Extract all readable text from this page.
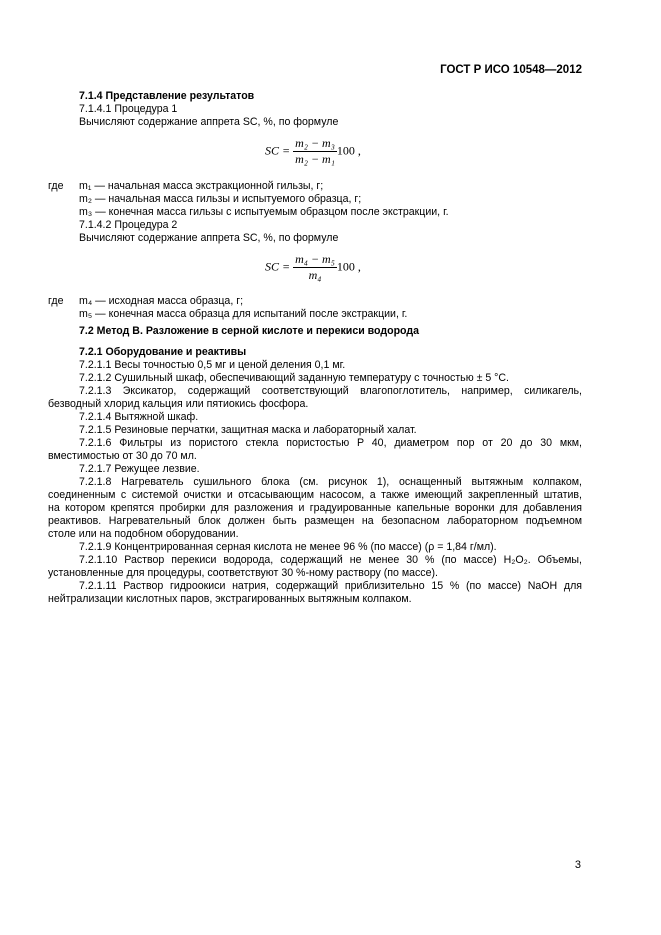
ГОСТ Р ИСО 10548—2012
7.1.4 Представление результатов
7.1.4.1 Процедура 1
Вычисляют содержание аппрета SC, %, по формуле
SC = $\frac{\text{m₂ − m₃}}{\text{m₂ − m₁}} 100$ ,
где m₁ — начальная масса экстракционной гильзы, г;
m₂ — начальная масса гильзы и испытуемого образца, г;
m₃ — конечная масса гильзы с испытуемым образцом после экстракции, г.
7.1.4.2 Процедура 2
Вычисляют содержание аппрета SC, %, по формуле
SC = $\frac{\text{m₄ − m₅}}{\text{m₄}} 100$ ,
где m₄ — исходная масса образца, г;
m₅ — конечная масса образца для испытаний после экстракции, г.
7.2 Метод В. Разложение в серной кислоте и перекиси водорода
7.2.1 Оборудование и реактивы
7.2.1.1 Весы точностью 0,5 мг и ценой деления 0,1 мг.
7.2.1.2 Сушильный шкаф, обеспечивающий заданную температуру с точностью ± 5 °С.
7.2.1.3 Эксикатор, содержащий соответствующий влагопоглотитель, например, силикагель,
безводный хлорид кальция или пятиокись фосфора.
7.2.1.4 Вытяжной шкаф.
7.2.1.5 Резиновые перчатки, защитная маска и лабораторный халат.
7.2.1.6 Фильтры из пористого стекла пористостью P 40, диаметром пор от 20 до 30 мкм,
вместимостью от 30 до 70 мл.
7.2.1.7 Режущее лезвие.
7.2.1.8 Нагреватель сушильного блока (см. рисунок 1), оснащенный вытяжным колпаком,
соединенным с системой очистки и отсасывающим насосом, а также имеющий закрепленный штатив,
на котором крепятся пробирки для разложения и градуированные капельные воронки для добавления
реактивов. Нагревательный блок должен быть размещен на безопасном лабораторном подъемном
столе или на подобном оборудовании.
7.2.1.9 Концентрированная серная кислота не менее 96 % (по массе) (ρ = 1,84 г/мл).
7.2.1.10 Раствор перекиси водорода, содержащий не менее 30 % (по массе) H₂O₂. Объемы,
установленные для процедуры, соответствуют 30 %-ному раствору (по массе).
7.2.1.11 Раствор гидроокиси натрия, содержащий приблизительно 15 % (по массе) NaOH для
нейтрализации кислотных паров, экстрагированных вытяжным колпаком.
3
